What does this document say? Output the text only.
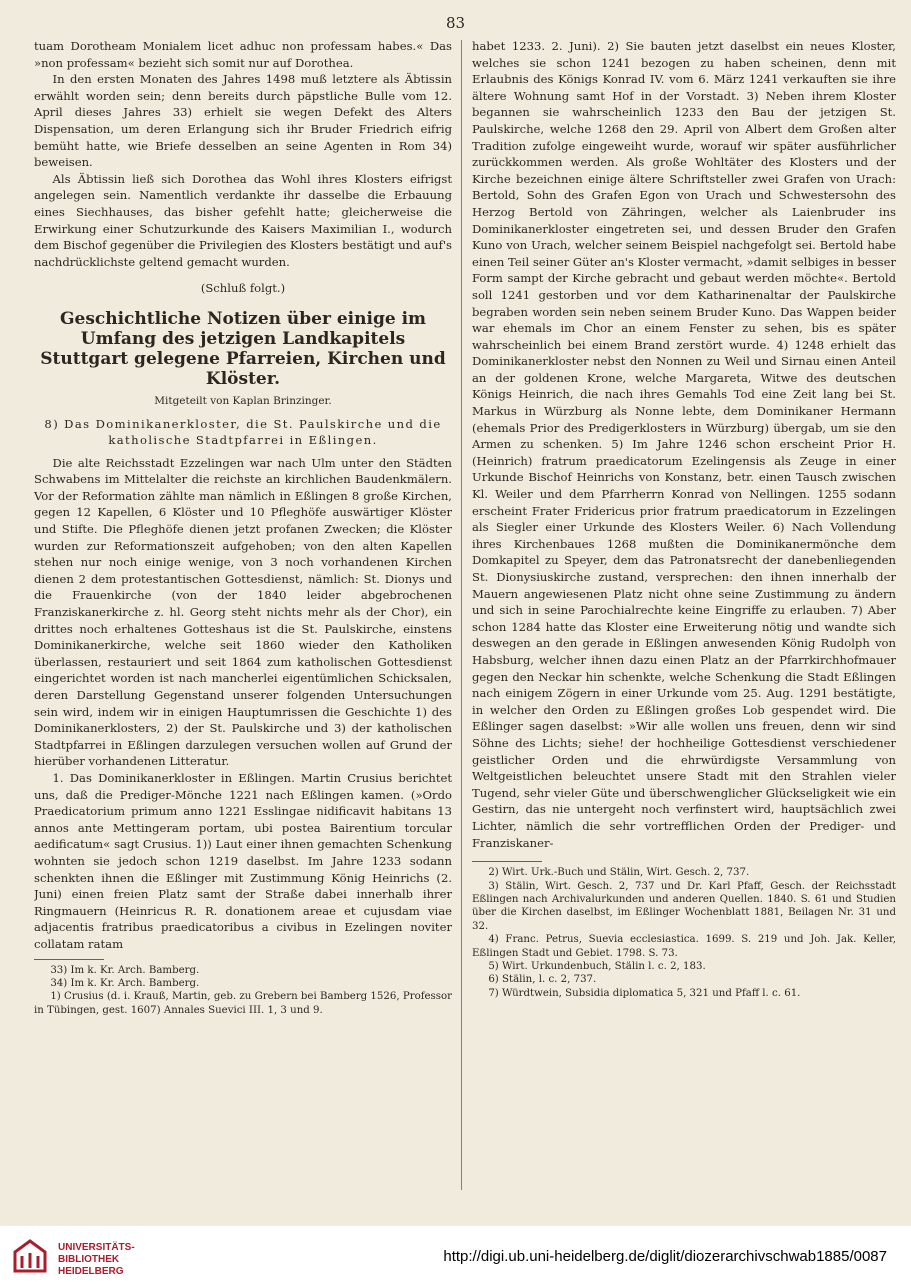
83

tuam Dorotheam Monialem licet adhuc non professam habes.« Das »non professam« bezieht sich somit nur auf Dorothea.

In den ersten Monaten des Jahres 1498 muß letztere als Äbtissin erwählt worden sein; denn bereits durch päpstliche Bulle vom 12. April dieses Jahres 33) erhielt sie wegen Defekt des Alters Dispensation, um deren Erlangung sich ihr Bruder Friedrich eifrig bemüht hatte, wie Briefe desselben an seine Agenten in Rom 34) beweisen.

Als Äbtissin ließ sich Dorothea das Wohl ihres Klosters eifrigst angelegen sein. Namentlich verdankte ihr dasselbe die Erbauung eines Siechhauses, das bisher gefehlt hatte; gleicherweise die Erwirkung einer Schutzurkunde des Kaisers Maximilian I., wodurch dem Bischof gegenüber die Privilegien des Klosters bestätigt und auf's nachdrücklichste geltend gemacht wurden.

(Schluß folgt.)

Geschichtliche Notizen über einige im Umfang des jetzigen Landkapitels Stuttgart gelegene Pfarreien, Kirchen und Klöster.
Mitgeteilt von Kaplan Brinzinger.
8) Das Dominikanerkloster, die St. Paulskirche und die katholische Stadtpfarrei in Eßlingen.

Die alte Reichsstadt Ezzelingen war nach Ulm unter den Städten Schwabens im Mittelalter die reichste an kirchlichen Baudenkmälern. Vor der Reformation zählte man nämlich in Eßlingen 8 große Kirchen, gegen 12 Kapellen, 6 Klöster und 10 Pfleghöfe auswärtiger Klöster und Stifte. Die Pfleghöfe dienen jetzt profanen Zwecken; die Klöster wurden zur Reformationszeit aufgehoben; von den alten Kapellen stehen nur noch einige wenige, von 3 noch vorhandenen Kirchen dienen 2 dem protestantischen Gottesdienst, nämlich: St. Dionys und die Frauenkirche (von der 1840 leider abgebrochenen Franziskanerkirche z. hl. Georg steht nichts mehr als der Chor), ein drittes noch erhaltenes Gotteshaus ist die St. Paulskirche, einstens Dominikanerkirche, welche seit 1860 wieder den Katholiken überlassen, restauriert und seit 1864 zum katholischen Gottesdienst eingerichtet worden ist nach mancherlei eigentümlichen Schicksalen, deren Darstellung Gegenstand unserer folgenden Untersuchungen sein wird, indem wir in einigen Hauptumrissen die Geschichte 1) des Dominikanerklosters, 2) der St. Paulskirche und 3) der katholischen Stadtpfarrei in Eßlingen darzulegen versuchen wollen auf Grund der hierüber vorhandenen Litteratur.

1. Das Dominikanerkloster in Eßlingen. Martin Crusius berichtet uns, daß die Prediger-Mönche 1221 nach Eßlingen kamen. (»Ordo Praedicatorium primum anno 1221 Esslingae nidificavit habitans 13 annos ante Mettingeram portam, ubi postea Bairentium torcular aedificatum« sagt Crusius. 1)) Laut einer ihnen gemachten Schenkung wohnten sie jedoch schon 1219 daselbst. Im Jahre 1233 sodann schenkten ihnen die Eßlinger mit Zustimmung König Heinrichs (2. Juni) einen freien Platz samt der Straße dabei innerhalb ihrer Ringmauern (Heinricus R. R. donationem areae et cujusdam viae adjacentis fratribus praedicatoribus a civibus in Ezelingen noviter collatam ratam

33) Im k. Kr. Arch. Bamberg.

34) Im k. Kr. Arch. Bamberg.

1) Crusius (d. i. Krauß, Martin, geb. zu Grebern bei Bamberg 1526, Professor in Tübingen, gest. 1607) Annales Suevici III. 1, 3 und 9.

habet 1233. 2. Juni). 2) Sie bauten jetzt daselbst ein neues Kloster, welches sie schon 1241 bezogen zu haben scheinen, denn mit Erlaubnis des Königs Konrad IV. vom 6. März 1241 verkauften sie ihre ältere Wohnung samt Hof in der Vorstadt. 3) Neben ihrem Kloster begannen sie wahrscheinlich 1233 den Bau der jetzigen St. Paulskirche, welche 1268 den 29. April von Albert dem Großen alter Tradition zufolge eingeweiht wurde, worauf wir später ausführlicher zurückkommen werden. Als große Wohltäter des Klosters und der Kirche bezeichnen einige ältere Schriftsteller zwei Grafen von Urach: Bertold, Sohn des Grafen Egon von Urach und Schwestersohn des Herzog Bertold von Zähringen, welcher als Laienbruder ins Dominikanerkloster eingetreten sei, und dessen Bruder den Grafen Kuno von Urach, welcher seinem Beispiel nachgefolgt sei. Bertold habe einen Teil seiner Güter an's Kloster vermacht, »damit selbiges in besser Form sampt der Kirche gebracht und gebaut werden möchte«. Bertold soll 1241 gestorben und vor dem Katharinenaltar der Paulskirche begraben worden sein neben seinem Bruder Kuno. Das Wappen beider war ehemals im Chor an einem Fenster zu sehen, bis es später wahrscheinlich bei einem Brand zerstört wurde. 4) 1248 erhielt das Dominikanerkloster nebst den Nonnen zu Weil und Sirnau einen Anteil an der goldenen Krone, welche Margareta, Witwe des deutschen Königs Heinrich, die nach ihres Gemahls Tod eine Zeit lang bei St. Markus in Würzburg als Nonne lebte, dem Dominikaner Hermann (ehemals Prior des Predigerklosters in Würzburg) übergab, um sie den Armen zu schenken. 5) Im Jahre 1246 schon erscheint Prior H. (Heinrich) fratrum praedicatorum Ezelingensis als Zeuge in einer Urkunde Bischof Heinrichs von Konstanz, betr. einen Tausch zwischen Kl. Weiler und dem Pfarrherrn Konrad von Nellingen. 1255 sodann erscheint Frater Fridericus prior fratrum praedicatorum in Ezzelingen als Siegler einer Urkunde des Klosters Weiler. 6) Nach Vollendung ihres Kirchenbaues 1268 mußten die Dominikanermönche dem Domkapitel zu Speyer, dem das Patronatsrecht der danebenliegenden St. Dionysiuskirche zustand, versprechen: den ihnen innerhalb der Mauern angewiesenen Platz nicht ohne seine Zustimmung zu ändern und sich in seine Parochialrechte keine Eingriffe zu erlauben. 7) Aber schon 1284 hatte das Kloster eine Erweiterung nötig und wandte sich deswegen an den gerade in Eßlingen anwesenden König Rudolph von Habsburg, welcher ihnen dazu einen Platz an der Pfarrkirchhofmauer gegen den Neckar hin schenkte, welche Schenkung die Stadt Eßlingen nach einigem Zögern in einer Urkunde vom 25. Aug. 1291 bestätigte, in welcher den Orden zu Eßlingen großes Lob gespendet wird. Die Eßlinger sagen daselbst: »Wir alle wollen uns freuen, denn wir sind Söhne des Lichts; siehe! der hochheilige Gottesdienst verschiedener geistlicher Orden und die ehrwürdigste Versammlung von Weltgeistlichen beleuchtet unsere Stadt mit den Strahlen vieler Tugend, sehr vieler Güte und überschwenglicher Glückseligkeit wie ein Gestirn, das nie untergeht noch verfinstert wird, hauptsächlich zwei Lichter, nämlich die sehr vortrefflichen Orden der Prediger- und Franziskaner-

2) Wirt. Urk.-Buch und Stälin, Wirt. Gesch. 2, 737.

3) Stälin, Wirt. Gesch. 2, 737 und Dr. Karl Pfaff, Gesch. der Reichsstadt Eßlingen nach Archivalurkunden und anderen Quellen. 1840. S. 61 und Studien über die Kirchen daselbst, im Eßlinger Wochenblatt 1881, Beilagen Nr. 31 und 32.

4) Franc. Petrus, Suevia ecclesiastica. 1699. S. 219 und Joh. Jak. Keller, Eßlingen Stadt und Gebiet. 1798. S. 73.

5) Wirt. Urkundenbuch, Stälin l. c. 2, 183.

6) Stälin, l. c. 2, 737.

7) Würdtwein, Subsidia diplomatica 5, 321 und Pfaff l. c. 61.

UNIVERSITÄTS-
BIBLIOTHEK
HEIDELBERG
http://digi.ub.uni-heidelberg.de/diglit/diozerarchivschwab1885/0087
